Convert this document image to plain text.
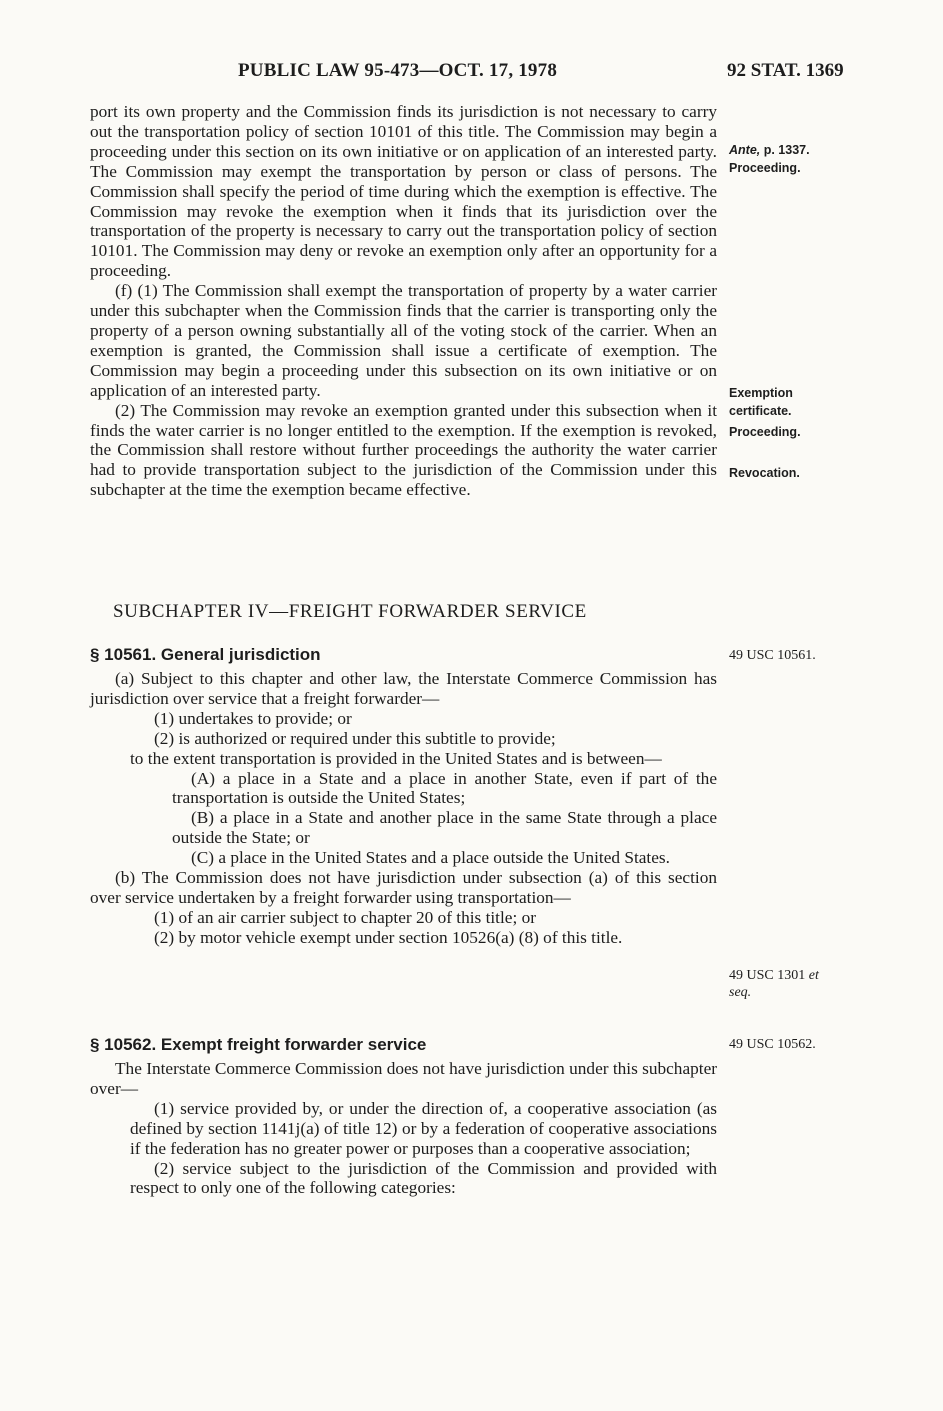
PUBLIC LAW 95-473—OCT. 17, 1978	92 STAT. 1369

port its own property and the Commission finds its jurisdiction is not necessary to carry out the transportation policy of section 10101 of this title. The Commission may begin a proceeding under this section on its own initiative or on application of an interested party. The Commission may exempt the transportation by person or class of persons. The Commission shall specify the period of time during which the exemption is effective. The Commission may revoke the exemption when it finds that its jurisdiction over the transportation of the property is necessary to carry out the transportation policy of section 10101. The Commission may deny or revoke an exemption only after an opportunity for a proceeding.

(f) (1) The Commission shall exempt the transportation of property by a water carrier under this subchapter when the Commission finds that the carrier is transporting only the property of a person owning substantially all of the voting stock of the carrier. When an exemption is granted, the Commission shall issue a certificate of exemption. The Commission may begin a proceeding under this subsection on its own initiative or on application of an interested party.

(2) The Commission may revoke an exemption granted under this subsection when it finds the water carrier is no longer entitled to the exemption. If the exemption is revoked, the Commission shall restore without further proceedings the authority the water carrier had to provide transportation subject to the jurisdiction of the Commission under this subchapter at the time the exemption became effective.

SUBCHAPTER IV—FREIGHT FORWARDER SERVICE
§ 10561. General jurisdiction

(a) Subject to this chapter and other law, the Interstate Commerce Commission has jurisdiction over service that a freight forwarder—

(1) undertakes to provide; or

(2) is authorized or required under this subtitle to provide;

to the extent transportation is provided in the United States and is between—

(A) a place in a State and a place in another State, even if part of the transportation is outside the United States;

(B) a place in a State and another place in the same State through a place outside the State; or

(C) a place in the United States and a place outside the United States.

(b) The Commission does not have jurisdiction under subsection (a) of this section over service undertaken by a freight forwarder using transportation—

(1) of an air carrier subject to chapter 20 of this title; or

(2) by motor vehicle exempt under section 10526(a) (8) of this title.

§ 10562. Exempt freight forwarder service

The Interstate Commerce Commission does not have jurisdiction under this subchapter over—

(1) service provided by, or under the direction of, a cooperative association (as defined by section 1141j(a) of title 12) or by a federation of cooperative associations if the federation has no greater power or purposes than a cooperative association;

(2) service subject to the jurisdiction of the Commission and provided with respect to only one of the following categories:

Ante, p. 1337.
Proceeding.
Exemption
certificate.
Proceeding.
Revocation.
49 USC 10561.
49 USC 1301 et
seq.
49 USC 10562.
